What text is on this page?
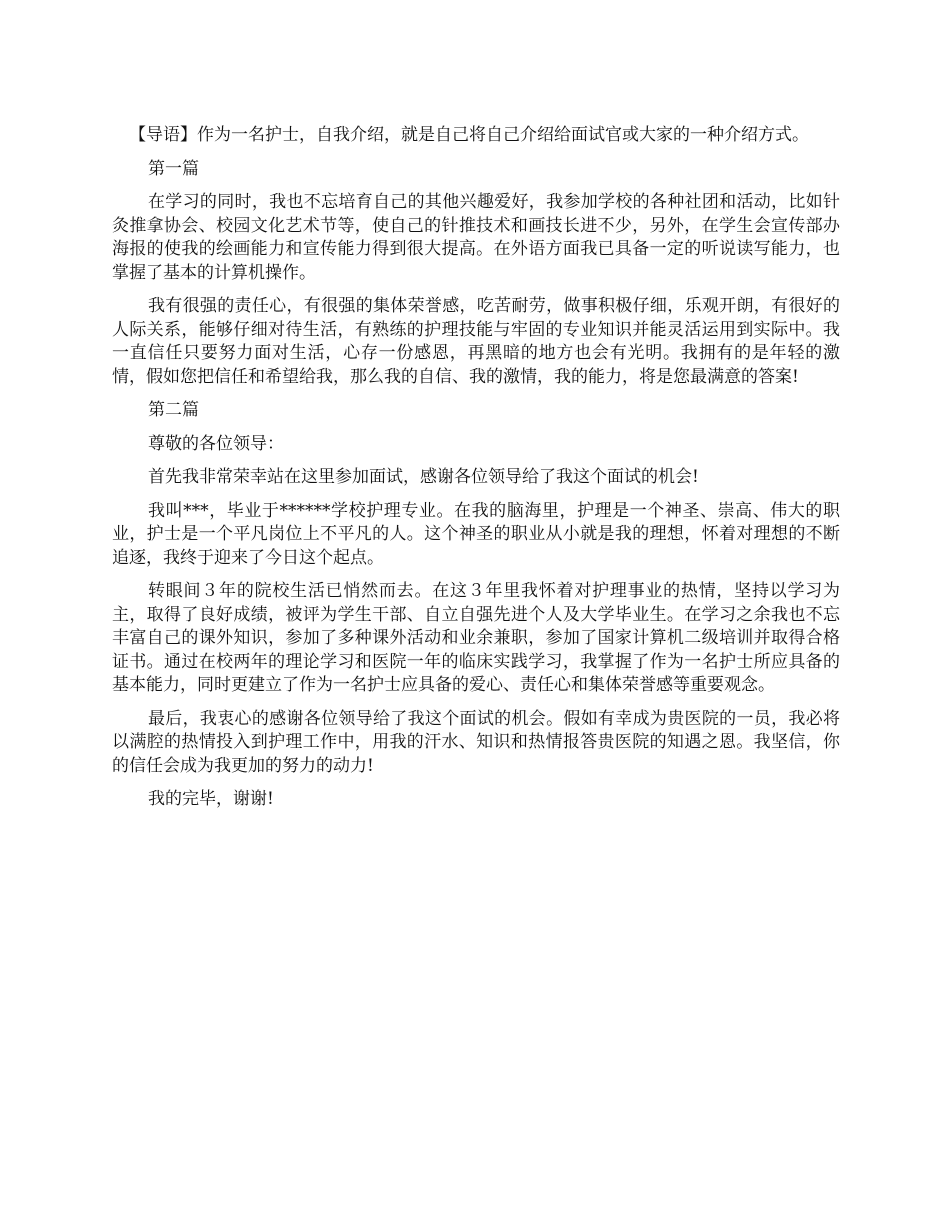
【导语】作为一名护士，自我介绍，就是自己将自己介绍给面试官或大家的一种介绍方式。

第一篇

在学习的同时，我也不忘培育自己的其他兴趣爱好，我参加学校的各种社团和活动，比如针灸推拿协会、校园文化艺术节等，使自己的针推技术和画技长进不少，另外，在学生会宣传部办海报的使我的绘画能力和宣传能力得到很大提高。在外语方面我已具备一定的听说读写能力，也掌握了基本的计算机操作。

我有很强的责任心，有很强的集体荣誉感，吃苦耐劳，做事积极仔细，乐观开朗，有很好的人际关系，能够仔细对待生活，有熟练的护理技能与牢固的专业知识并能灵活运用到实际中。我一直信任只要努力面对生活，心存一份感恩，再黑暗的地方也会有光明。我拥有的是年轻的激情，假如您把信任和希望给我，那么我的自信、我的激情，我的能力，将是您最满意的答案!

第二篇

尊敬的各位领导：

首先我非常荣幸站在这里参加面试，感谢各位领导给了我这个面试的机会!

我叫***，毕业于******学校护理专业。在我的脑海里，护理是一个神圣、崇高、伟大的职业，护士是一个平凡岗位上不平凡的人。这个神圣的职业从小就是我的理想，怀着对理想的不断追逐，我终于迎来了今日这个起点。

转眼间３年的院校生活已悄然而去。在这３年里我怀着对护理事业的热情，坚持以学习为主，取得了良好成绩，被评为学生干部、自立自强先进个人及大学毕业生。在学习之余我也不忘丰富自己的课外知识，参加了多种课外活动和业余兼职，参加了国家计算机二级培训并取得合格证书。通过在校两年的理论学习和医院一年的临床实践学习，我掌握了作为一名护士所应具备的基本能力，同时更建立了作为一名护士应具备的爱心、责任心和集体荣誉感等重要观念。

最后，我衷心的感谢各位领导给了我这个面试的机会。假如有幸成为贵医院的一员，我必将以满腔的热情投入到护理工作中，用我的汗水、知识和热情报答贵医院的知遇之恩。我坚信，你的信任会成为我更加的努力的动力!

我的完毕，谢谢!
